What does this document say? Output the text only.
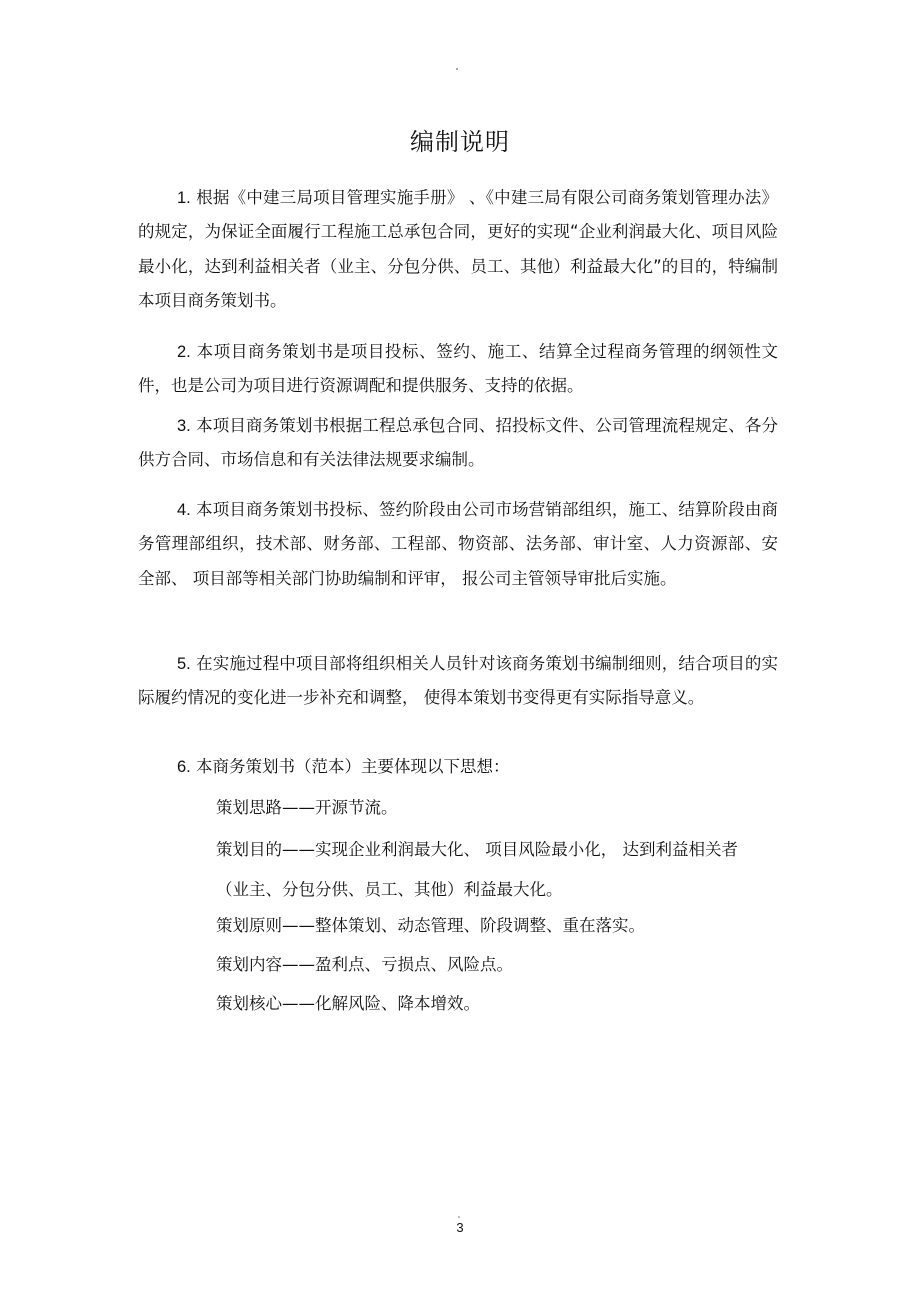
编制说明

1. 根据《中建三局项目管理实施手册》 、《中建三局有限公司商务策划管理办法》的规定，为保证全面履行工程施工总承包合同，更好的实现“企业利润最大化、项目风险最小化，达到利益相关者（业主、分包分供、员工、其他）利益最大化”的目的，特编制本项目商务策划书。

2. 本项目商务策划书是项目投标、签约、施工、结算全过程商务管理的纲领性文件，也是公司为项目进行资源调配和提供服务、支持的依据。

3. 本项目商务策划书根据工程总承包合同、招投标文件、公司管理流程规定、各分供方合同、市场信息和有关法律法规要求编制。

4. 本项目商务策划书投标、签约阶段由公司市场营销部组织，施工、结算阶段由商务管理部组织，技术部、财务部、工程部、物资部、法务部、审计室、人力资源部、安全部、 项目部等相关部门协助编制和评审， 报公司主管领导审批后实施。

5. 在实施过程中项目部将组织相关人员针对该商务策划书编制细则，结合项目的实际履约情况的变化进一步补充和调整， 使得本策划书变得更有实际指导意义。

6. 本商务策划书（范本）主要体现以下思想：

策划思路——开源节流。

策划目的——实现企业利润最大化、 项目风险最小化， 达到利益相关者

（业主、分包分供、员工、其他）利益最大化。

策划原则——整体策划、动态管理、阶段调整、重在落实。

策划内容——盈利点、亏损点、风险点。

策划核心——化解风险、降本增效。

3
